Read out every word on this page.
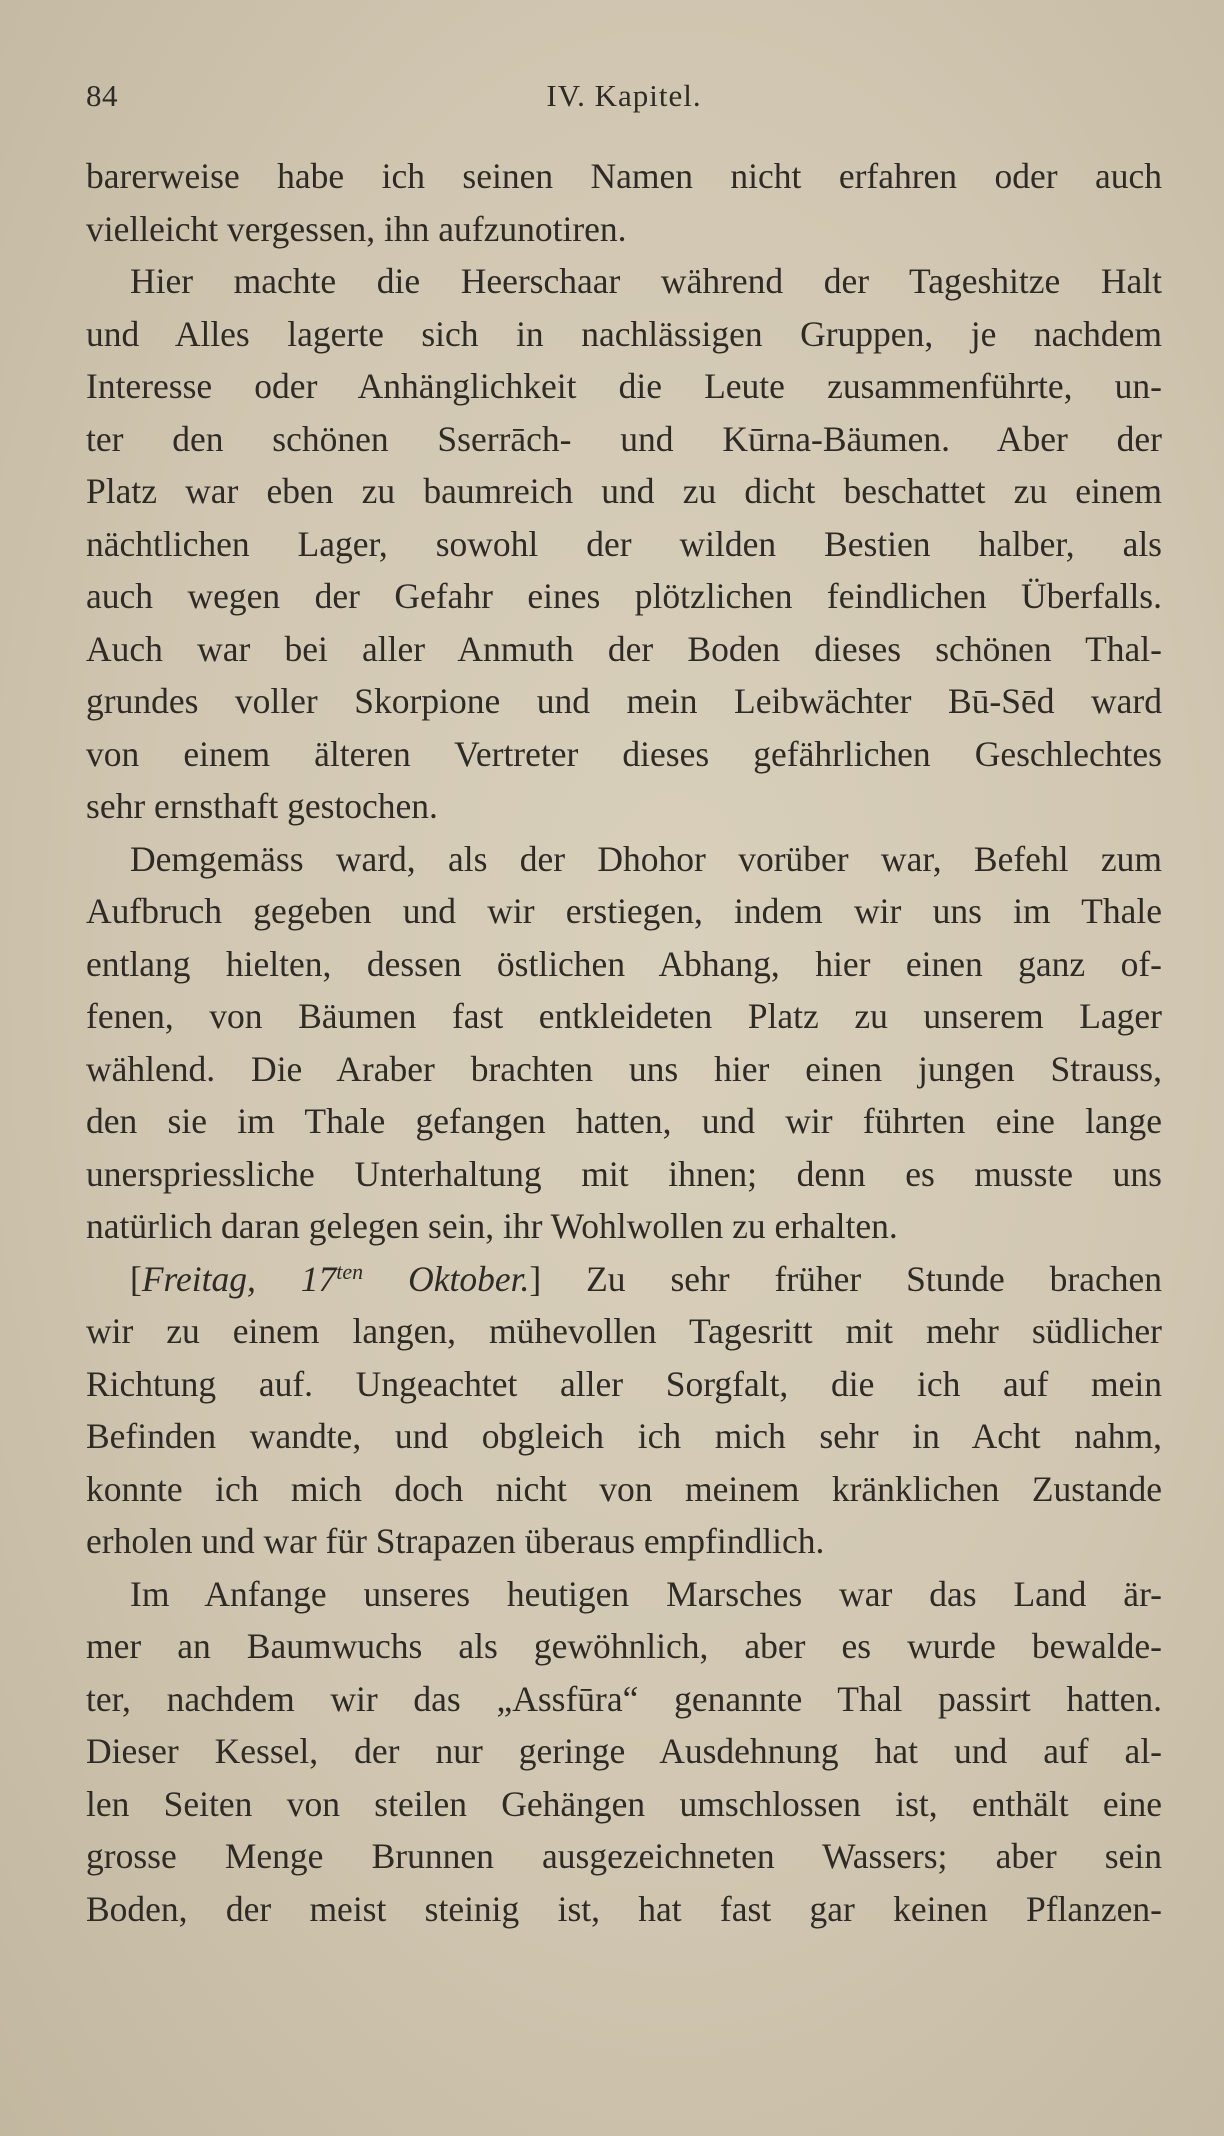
84	IV. Kapitel.
barerweise habe ich seinen Namen nicht erfahren oder auch
vielleicht vergessen, ihn aufzunotiren.
Hier machte die Heerschaar während der Tageshitze Halt
und Alles lagerte sich in nachlässigen Gruppen, je nachdem
Interesse oder Anhänglichkeit die Leute zusammenführte, un-
ter den schönen Sserrāch- und Kūrna-Bäumen. Aber der
Platz war eben zu baumreich und zu dicht beschattet zu einem
nächtlichen Lager, sowohl der wilden Bestien halber, als
auch wegen der Gefahr eines plötzlichen feindlichen Überfalls.
Auch war bei aller Anmuth der Boden dieses schönen Thal-
grundes voller Skorpione und mein Leibwächter Bū-Sēd ward
von einem älteren Vertreter dieses gefährlichen Geschlechtes
sehr ernsthaft gestochen.
Demgemäss ward, als der Dhohor vorüber war, Befehl zum
Aufbruch gegeben und wir erstiegen, indem wir uns im Thale
entlang hielten, dessen östlichen Abhang, hier einen ganz of-
fenen, von Bäumen fast entkleideten Platz zu unserem Lager
wählend. Die Araber brachten uns hier einen jungen Strauss,
den sie im Thale gefangen hatten, und wir führten eine lange
unerspriessliche Unterhaltung mit ihnen; denn es musste uns
natürlich daran gelegen sein, ihr Wohlwollen zu erhalten.
[Freitag, $17^{ten}$ Oktober.] Zu sehr früher Stunde brachen
wir zu einem langen, mühevollen Tagesritt mit mehr südlicher
Richtung auf. Ungeachtet aller Sorgfalt, die ich auf mein
Befinden wandte, und obgleich ich mich sehr in Acht nahm,
konnte ich mich doch nicht von meinem kränklichen Zustande
erholen und war für Strapazen überaus empfindlich.
Im Anfange unseres heutigen Marsches war das Land är-
mer an Baumwuchs als gewöhnlich, aber es wurde bewalde-
ter, nachdem wir das „Assfūra“ genannte Thal passirt hatten.
Dieser Kessel, der nur geringe Ausdehnung hat und auf al-
len Seiten von steilen Gehängen umschlossen ist, enthält eine
grosse Menge Brunnen ausgezeichneten Wassers; aber sein
Boden, der meist steinig ist, hat fast gar keinen Pflanzen-
